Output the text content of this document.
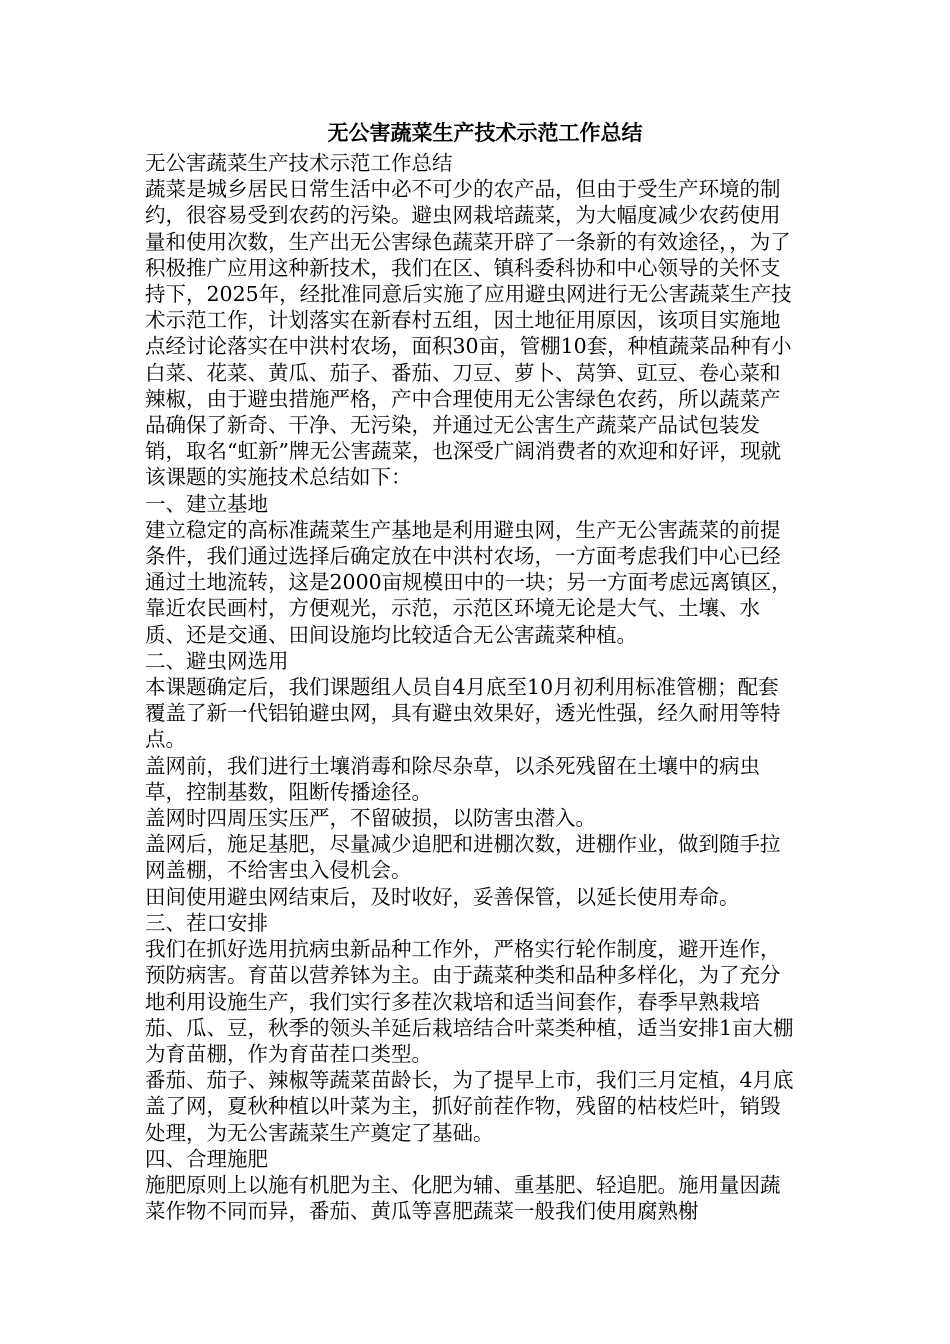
无公害蔬菜生产技术示范工作总结

无公害蔬菜生产技术示范工作总结

蔬菜是城乡居民日常生活中必不可少的农产品，但由于受生产环境的制约，很容易受到农药的污染。避虫网栽培蔬菜，为大幅度减少农药使用量和使用次数，生产出无公害绿色蔬菜开辟了一条新的有效途径，，为了积极推广应用这种新技术，我们在区、镇科委科协和中心领导的关怀支持下，2025年，经批准同意后实施了应用避虫网进行无公害蔬菜生产技术示范工作，计划落实在新春村五组，因土地征用原因，该项目实施地点经讨论落实在中洪村农场，面积30亩，管棚10套，种植蔬菜品种有小白菜、花菜、黄瓜、茄子、番茄、刀豆、萝卜、莴笋、豇豆、卷心菜和辣椒，由于避虫措施严格，产中合理使用无公害绿色农药，所以蔬菜产品确保了新奇、干净、无污染，并通过无公害生产蔬菜产品试包装发销，取名“虹新”牌无公害蔬菜，也深受广阔消费者的欢迎和好评，现就该课题的实施技术总结如下：

一、建立基地

建立稳定的高标准蔬菜生产基地是利用避虫网，生产无公害蔬菜的前提条件，我们通过选择后确定放在中洪村农场，一方面考虑我们中心已经通过土地流转，这是2000亩规模田中的一块；另一方面考虑远离镇区，靠近农民画村，方便观光，示范，示范区环境无论是大气、土壤、水质、还是交通、田间设施均比较适合无公害蔬菜种植。

二、避虫网选用

本课题确定后，我们课题组人员自4月底至10月初利用标准管棚；配套覆盖了新一代铝铂避虫网，具有避虫效果好，透光性强，经久耐用等特点。

盖网前，我们进行土壤消毒和除尽杂草，以杀死残留在土壤中的病虫草，控制基数，阻断传播途径。

盖网时四周压实压严，不留破损，以防害虫潜入。

盖网后，施足基肥，尽量减少追肥和进棚次数，进棚作业，做到随手拉网盖棚，不给害虫入侵机会。

田间使用避虫网结束后，及时收好，妥善保管，以延长使用寿命。

三、茬口安排

我们在抓好选用抗病虫新品种工作外，严格实行轮作制度，避开连作，预防病害。育苗以营养钵为主。由于蔬菜种类和品种多样化，为了充分地利用设施生产，我们实行多茬次栽培和适当间套作，春季早熟栽培茄、瓜、豆，秋季的领头羊延后栽培结合叶菜类种植，适当安排1亩大棚为育苗棚，作为育苗茬口类型。

番茄、茄子、辣椒等蔬菜苗龄长，为了提早上市，我们三月定植，4月底盖了网，夏秋种植以叶菜为主，抓好前茬作物，残留的枯枝烂叶，销毁处理，为无公害蔬菜生产奠定了基础。

四、合理施肥

施肥原则上以施有机肥为主、化肥为辅、重基肥、轻追肥。施用量因蔬菜作物不同而异，番茄、黄瓜等喜肥蔬菜一般我们使用腐熟榭
